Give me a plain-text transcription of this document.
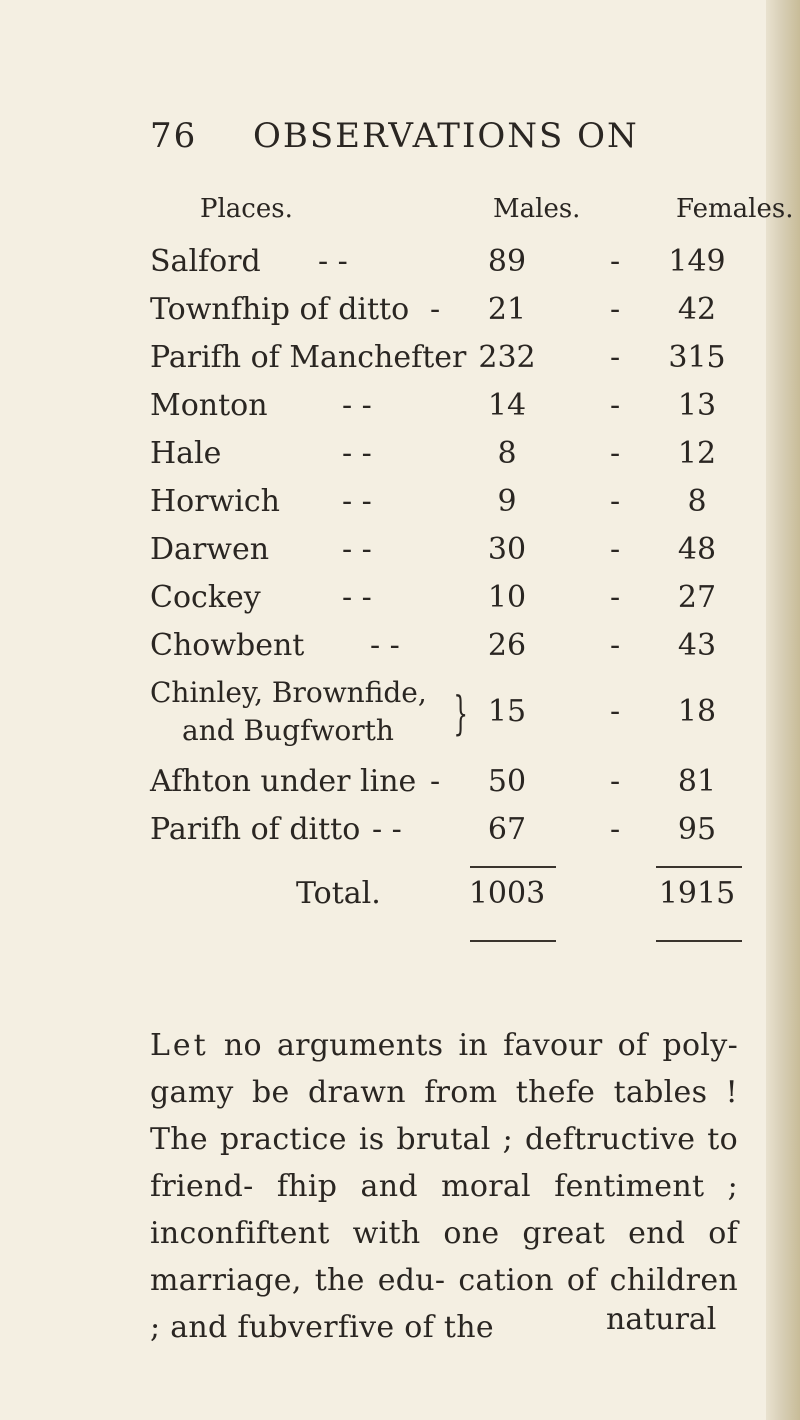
76 OBSERVATIONS ON
Places.	Males.	Females.
Salford - -	89	-	149
Townfhip of ditto -	21	-	42
Parifh of Manchefter 232	-	315
Monton - -	14	-	13
Hale	- -	8	-	12
Horwich - -	9	-	8
Darwen - -	30	-	48
Cockey	- -	10	-	27
Chowbent - -	26	-	43
Chinley, Brownfide,
and Bugfworth	} 15	-	18
Afhton under line -	50	-	81
Parifh of ditto - -	67	-	95
Total.	1003	1915
Let no arguments in favour of poly- gamy be drawn from thefe tables ! The practice is brutal ; deftructive to friend- fhip and moral fentiment ; inconfiftent with one great end of marriage, the edu- cation of children ; and fubverfive of the	natural
